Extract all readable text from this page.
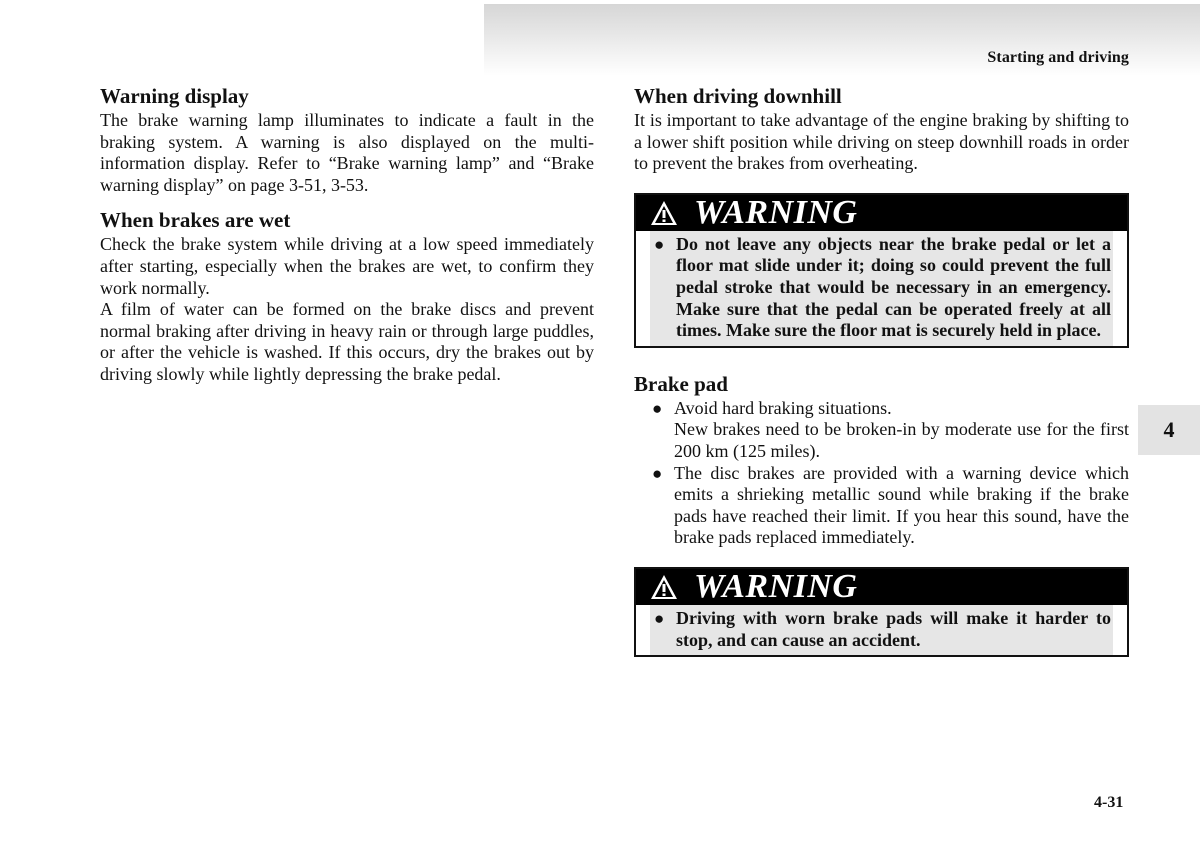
Starting and driving
Warning display

The brake warning lamp illuminates to indicate a fault in the braking system. A warning is also displayed on the multi-information display. Refer to “Brake warning lamp” and “Brake warning display” on page 3-51, 3-53.

When brakes are wet

Check the brake system while driving at a low speed immediately after starting, especially when the brakes are wet, to confirm they work normally.

A film of water can be formed on the brake discs and prevent normal braking after driving in heavy rain or through large puddles, or after the vehicle is washed. If this occurs, dry the brakes out by driving slowly while lightly depressing the brake pedal.

When driving downhill

It is important to take advantage of the engine braking by shifting to a lower shift position while driving on steep downhill roads in order to prevent the brakes from overheating.

WARNING
● Do not leave any objects near the brake pedal or let a floor mat slide under it; doing so could prevent the full pedal stroke that would be necessary in an emergency. Make sure that the pedal can be operated freely at all times. Make sure the floor mat is securely held in place.
Brake pad
● Avoid hard braking situations.
New brakes need to be broken-in by moderate use for the first 200 km (125 miles).
● The disc brakes are provided with a warning device which emits a shrieking metallic sound while braking if the brake pads have reached their limit. If you hear this sound, have the brake pads replaced immediately.
WARNING
● Driving with worn brake pads will make it harder to stop, and can cause an accident.
4
4-31
